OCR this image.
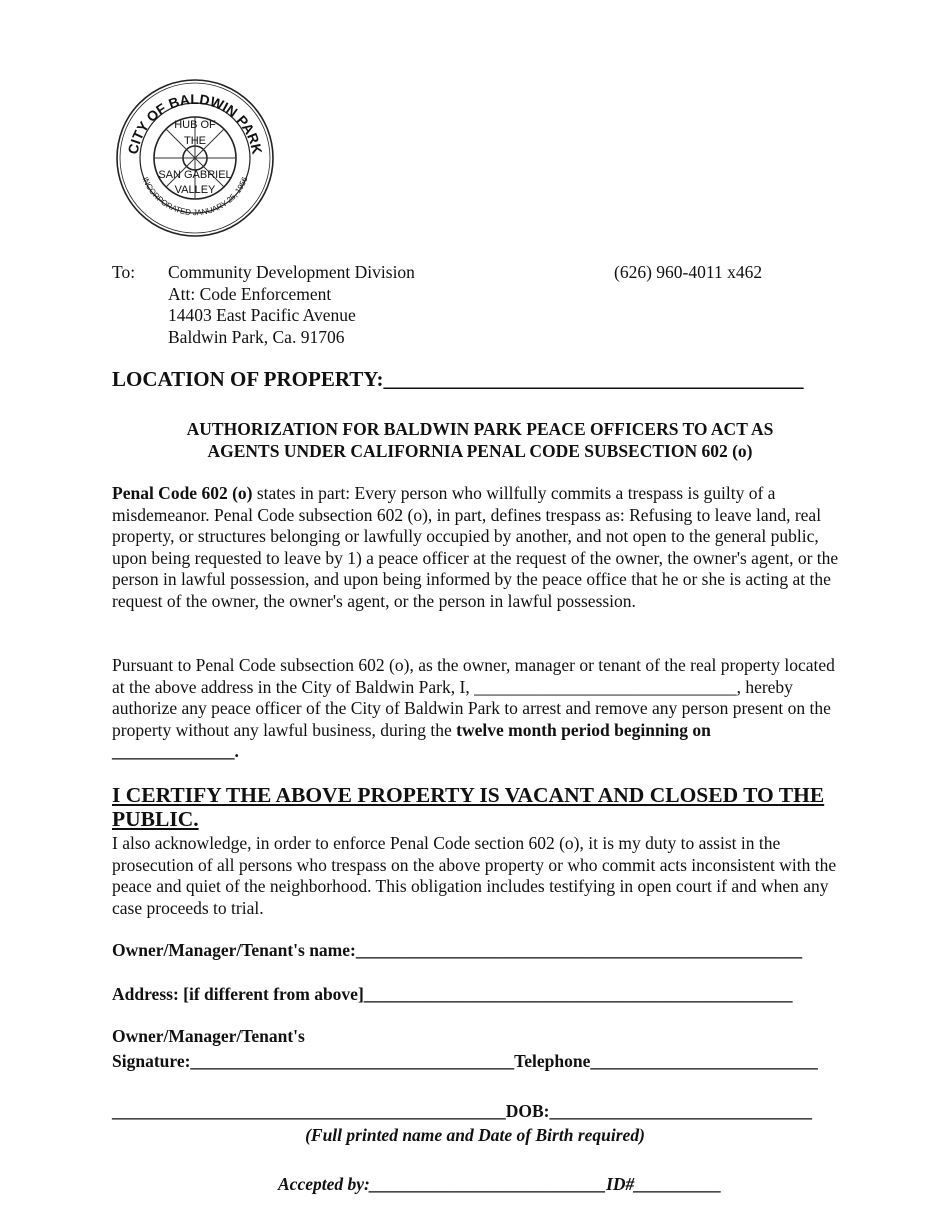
CITY OF BALDWIN PARK
INCORPORATED JANUARY 25, 1956
HUB OF
THE
SAN GABRIEL
VALLEY
To: Community Development Division
Att: Code Enforcement
14403 East Pacific Avenue
Baldwin Park, Ca. 91706
(626) 960-4011 x462
LOCATION OF PROPERTY:________________________________________
AUTHORIZATION FOR BALDWIN PARK PEACE OFFICERS TO ACT AS
AGENTS UNDER CALIFORNIA PENAL CODE SUBSECTION 602 (o)
Penal Code 602 (o) states in part: Every person who willfully commits a trespass is guilty of a misdemeanor. Penal Code subsection 602 (o), in part, defines trespass as: Refusing to leave land, real property, or structures belonging or lawfully occupied by another, and not open to the general public, upon being requested to leave by 1) a peace officer at the request of the owner, the owner's agent, or the person in lawful possession, and upon being informed by the peace office that he or she is acting at the request of the owner, the owner's agent, or the person in lawful possession.
Pursuant to Penal Code subsection 602 (o), as the owner, manager or tenant of the real property located at the above address in the City of Baldwin Park, I, ______________________________, hereby authorize any peace officer of the City of Baldwin Park to arrest and remove any person present on the property without any lawful business, during the twelve month period beginning on ______________.
I CERTIFY THE ABOVE PROPERTY IS VACANT AND CLOSED TO THE PUBLIC.
I also acknowledge, in order to enforce Penal Code section 602 (o), it is my duty to assist in the prosecution of all persons who trespass on the above property or who commit acts inconsistent with the peace and quiet of the neighborhood. This obligation includes testifying in open court if and when any case proceeds to trial.
Owner/Manager/Tenant's name:___________________________________________________
Address: [if different from above]_________________________________________________
Owner/Manager/Tenant's
Signature:_____________________________________Telephone__________________________
_____________________________________________DOB:______________________________
(Full printed name and Date of Birth required)
Accepted by:___________________________ID#__________
